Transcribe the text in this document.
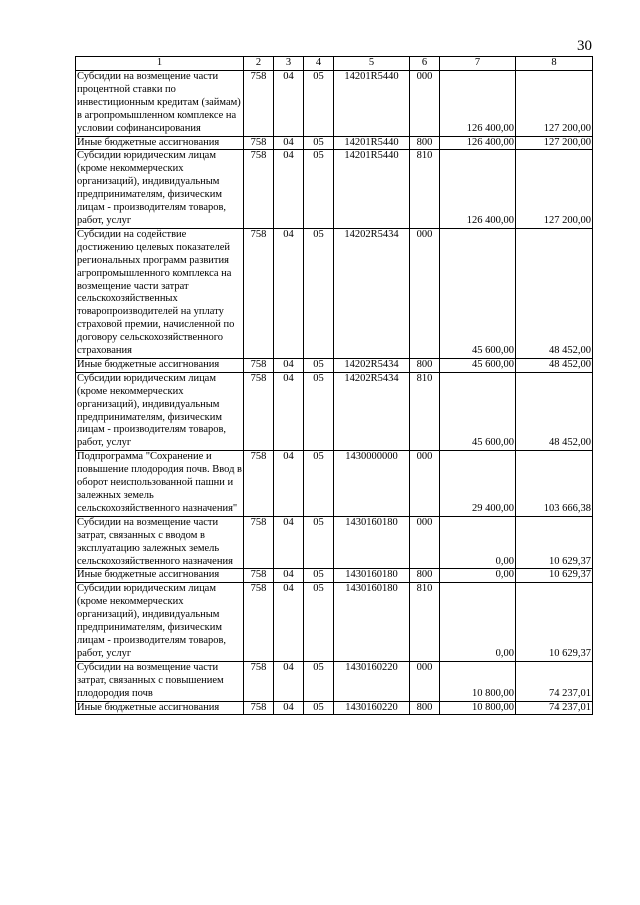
30
1	2	3	4	5	6	7	8
Субсидии на возмещение части процентной ставки по инвестиционным кредитам (займам) в агропромышленном комплексе на условии софинансирования	758	04	05	14201R5440	000	126 400,00	127 200,00
Иные бюджетные ассигнования	758	04	05	14201R5440	800	126 400,00	127 200,00
Субсидии юридическим лицам (кроме некоммерческих организаций), индивидуальным предпринимателям, физическим лицам - производителям товаров, работ, услуг	758	04	05	14201R5440	810	126 400,00	127 200,00
Субсидии на содействие достижению целевых показателей региональных программ развития агропромышленного комплекса на возмещение части затрат сельскохозяйственных товаропроизводителей на уплату страховой премии, начисленной по договору сельскохозяйственного страхования	758	04	05	14202R5434	000	45 600,00	48 452,00
Иные бюджетные ассигнования	758	04	05	14202R5434	800	45 600,00	48 452,00
Субсидии юридическим лицам (кроме некоммерческих организаций), индивидуальным предпринимателям, физическим лицам - производителям товаров, работ, услуг	758	04	05	14202R5434	810	45 600,00	48 452,00
Подпрограмма "Сохранение и повышение плодородия почв. Ввод в оборот неиспользованной пашни и залежных земель сельскохозяйственного назначения"	758	04	05	1430000000	000	29 400,00	103 666,38
Субсидии на возмещение части затрат, связанных с вводом в эксплуатацию залежных земель сельскохозяйственного назначения	758	04	05	1430160180	000	0,00	10 629,37
Иные бюджетные ассигнования	758	04	05	1430160180	800	0,00	10 629,37
Субсидии юридическим лицам (кроме некоммерческих организаций), индивидуальным предпринимателям, физическим лицам - производителям товаров, работ, услуг	758	04	05	1430160180	810	0,00	10 629,37
Субсидии на возмещение части затрат, связанных с повышением плодородия почв	758	04	05	1430160220	000	10 800,00	74 237,01
Иные бюджетные ассигнования	758	04	05	1430160220	800	10 800,00	74 237,01
